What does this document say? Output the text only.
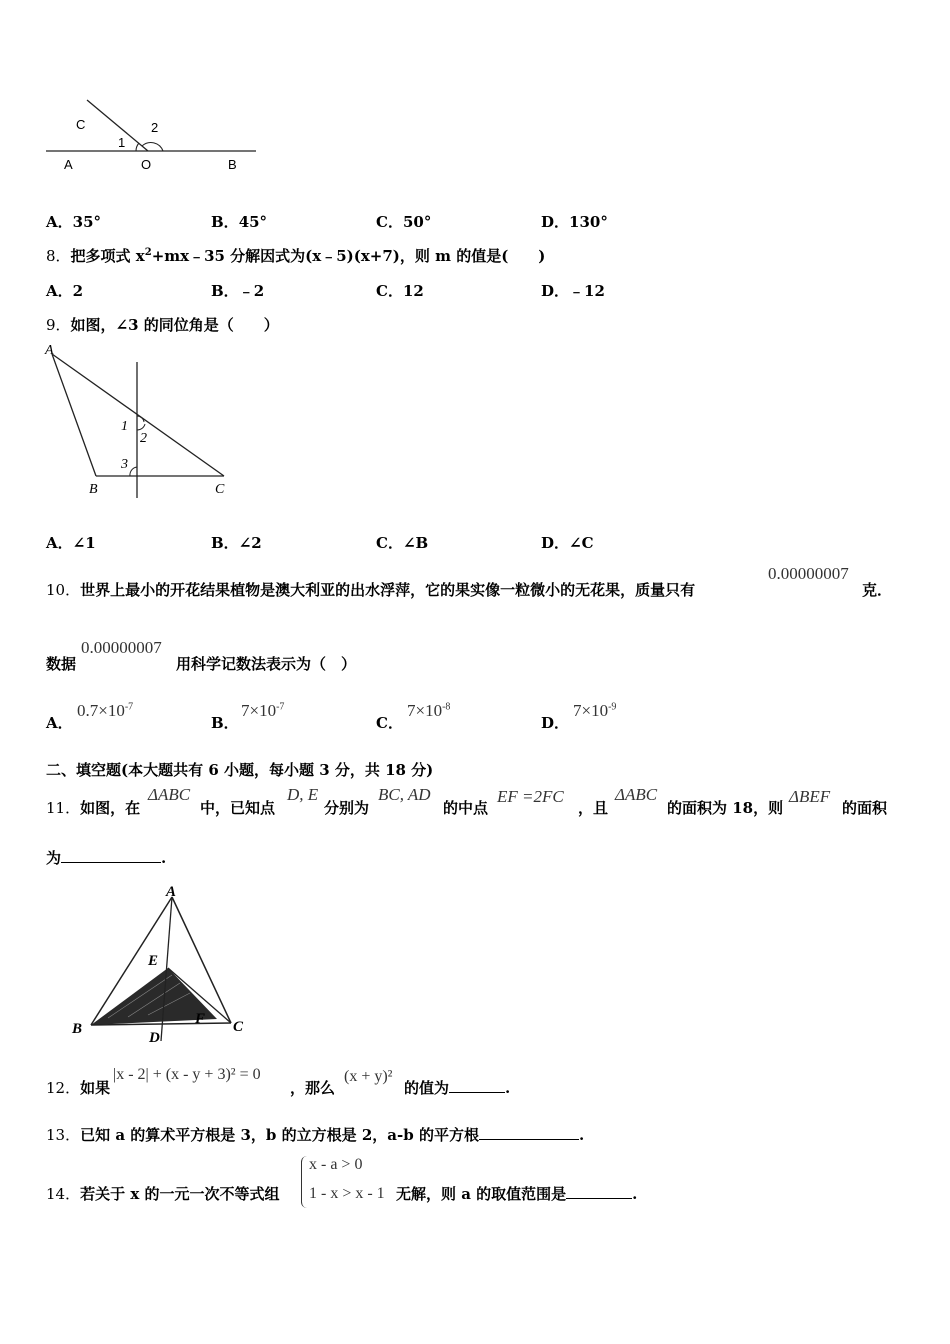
C
1
2
A	O	B
A．35°	B．45°	C．50°	D．130°
8．把多项式 $x^2+mx﹣35$ 分解因式为(x﹣5)(x+7)，则 m 的值是(　　)
A．2	B．﹣2	C．12	D．﹣12
9．如图，∠3 的同位角是（　　）
A
B	C
1
2
3
A．∠1	B．∠2	C．∠B	D．∠C
10．世界上最小的开花结果植物是澳大利亚的出水浮萍，它的果实像一粒微小的无花果，质量只有
0.00000007
克．
数据
0.00000007
用科学记数法表示为（　）
A．
$0.7\times 10^{-7}$
B．
$7\times 10^{-7}$
C．
$7\times 10^{-8}$
D．
$7\times 10^{-9}$
二、填空题(本大题共有 6 小题，每小题 3 分，共 18 分)
11．如图，在
ΔABC
中，已知点
D, E
分别为
BC, AD
的中点
EF =2FC
，且
ΔABC
的面积为 18，则
ΔBEF
的面积
为	.
A
B	C
D
E
F
12．如果
|x - 2| + (x - y + 3)² = 0
，那么
(x + y)²
的值为	.
13．已知 a 的算术平方根是 3，b 的立方根是 2，a-b 的平方根	.
14．若关于 x 的一元一次不等式组
x - a > 0
1 - x > x - 1 无解，则 a 的取值范围是	.
